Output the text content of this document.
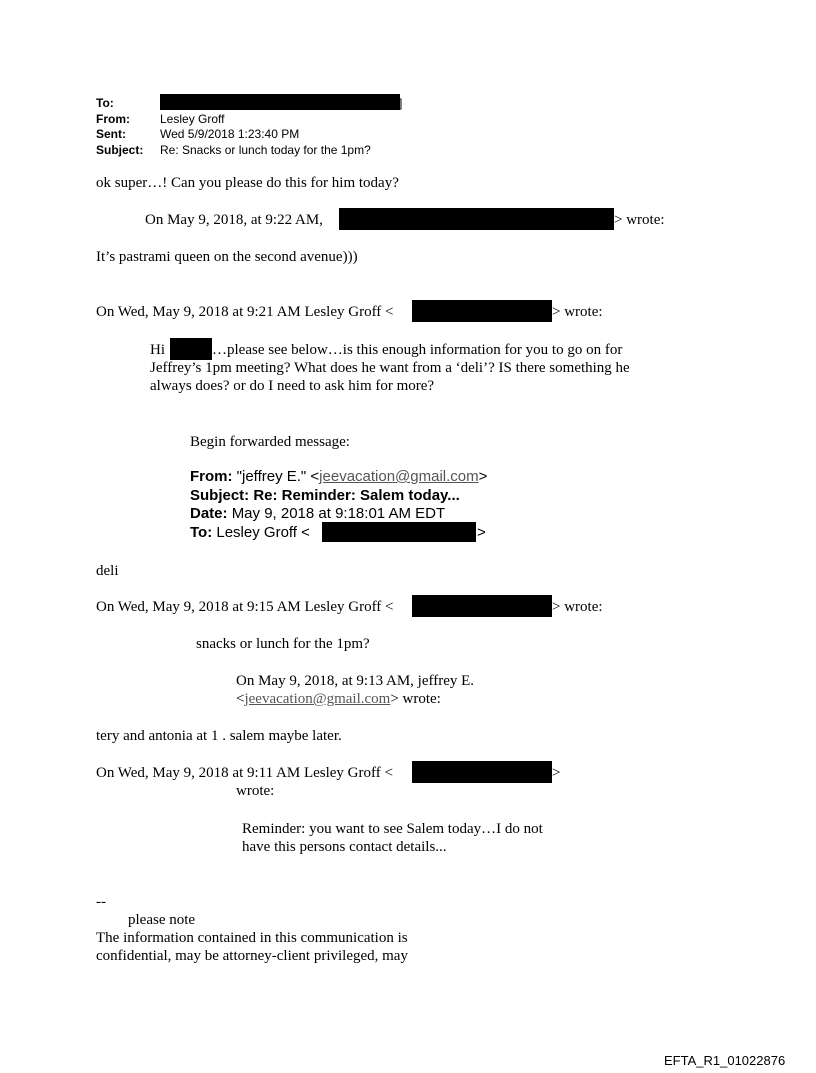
To:	]
From:	Lesley Groff
Sent:	Wed 5/9/2018 1:23:40 PM
Subject: Re: Snacks or lunch today for the 1pm?
ok super…! Can you please do this for him today?
On May 9, 2018, at 9:22 AM,	> wrote:
It’s pastrami queen on the second avenue)))
On Wed, May 9, 2018 at 9:21 AM Lesley Groff <	> wrote:
Hi	…please see below…is this enough information for you to go on for
Jeffrey’s 1pm meeting? What does he want from a ‘deli’? IS there something he
always does? or do I need to ask him for more?
Begin forwarded message:
From: "jeffrey E." <jeevacation@gmail.com>
Subject: Re: Reminder: Salem today...
Date: May 9, 2018 at 9:18:01 AM EDT
To: Lesley Groff <	>
deli
On Wed, May 9, 2018 at 9:15 AM Lesley Groff <	> wrote:
snacks or lunch for the 1pm?
On May 9, 2018, at 9:13 AM, jeffrey E.
<jeevacation@gmail.com> wrote:
tery and antonia at 1 . salem maybe later.
On Wed, May 9, 2018 at 9:11 AM Lesley Groff <	>
wrote:
Reminder: you want to see Salem today…I do not
have this persons contact details...
--
please note
The information contained in this communication is
confidential, may be attorney-client privileged, may
EFTA_R1_01022876
